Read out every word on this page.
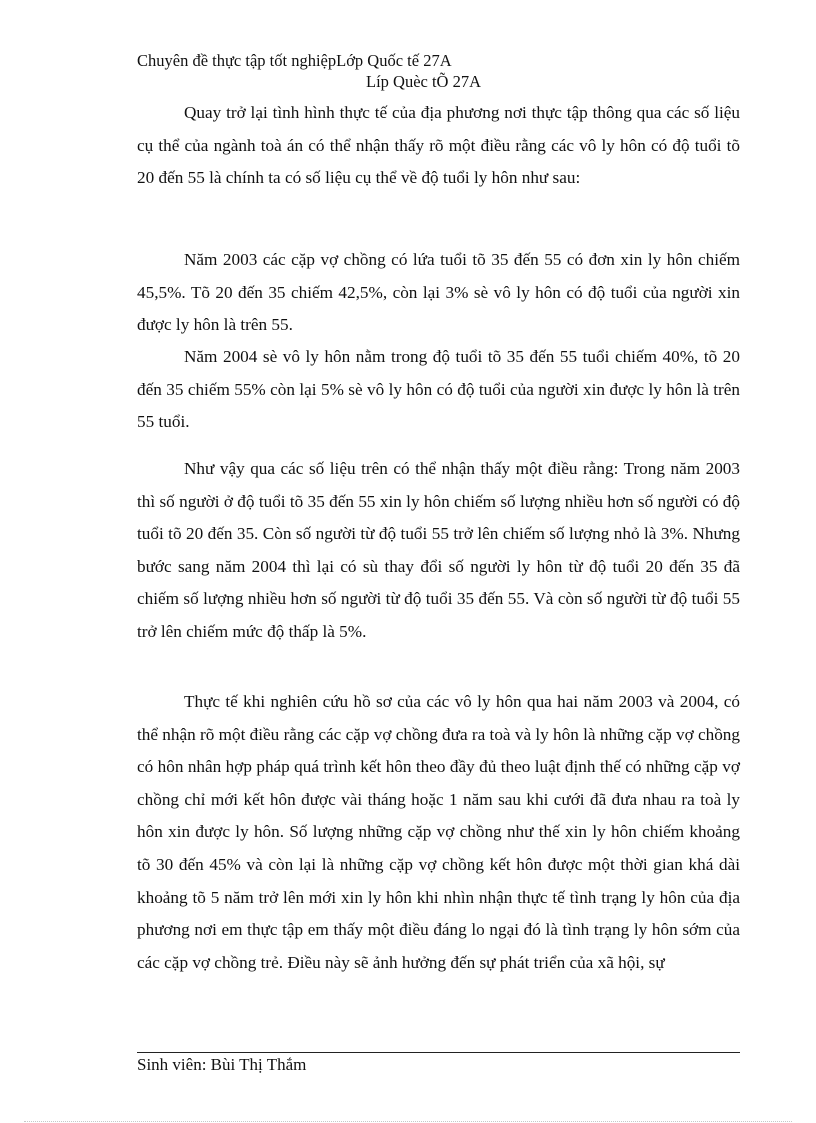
Chuyên đề thực tập tốt nghiệpLớp Quốc tế 27A
Líp Quèc tÕ 27A

Quay trở lại tình hình thực tế của địa phương nơi thực tập thông qua các số liệu cụ thể của ngành toà án có thể nhận thấy rõ một điều rằng các vô ly hôn có độ tuổi tõ 20 đến 55 là chính ta có số liệu cụ thể về độ tuổi ly hôn như sau:

Năm 2003 các cặp vợ chồng có lứa tuổi tõ 35 đến 55 có đơn xin ly hôn chiếm 45,5%. Tõ 20 đến 35 chiếm 42,5%, còn lại 3% sè vô ly hôn có độ tuổi của người xin được ly hôn là trên 55.

Năm 2004 sè vô ly hôn nằm trong độ tuổi tõ 35 đến 55 tuổi chiếm 40%, tõ 20 đến 35 chiếm 55% còn lại 5% sè vô ly hôn có độ tuổi của người xin được ly hôn là trên 55 tuổi.

Như vậy qua các số liệu trên có thể nhận thấy một điều rằng: Trong năm 2003 thì số người ở độ tuổi tõ 35 đến 55 xin ly hôn chiếm số lượng nhiều hơn số người có độ tuổi tõ 20 đến 35. Còn số người từ độ tuổi 55 trở lên chiếm số lượng nhỏ là 3%. Nhưng bước sang năm 2004 thì lại có sù thay đổi số người ly hôn từ độ tuổi 20 đến 35 đã chiếm số lượng nhiều hơn số người từ độ tuổi 35 đến 55. Và còn số người từ độ tuổi 55 trở lên chiếm mức độ thấp là 5%.

Thực tế khi nghiên cứu hồ sơ của các vô ly hôn qua hai năm 2003 và 2004, có thể nhận rõ một điều rằng các cặp vợ chồng đưa ra toà và ly hôn là những cặp vợ chồng có hôn nhân hợp pháp quá trình kết hôn theo đầy đủ theo luật định thế có những cặp vợ chồng chỉ mới kết hôn được vài tháng hoặc 1 năm sau khi cưới đã đưa nhau ra toà ly hôn xin được ly hôn. Số lượng những cặp vợ chồng như thế xin ly hôn chiếm khoảng tõ 30 đến 45% và còn lại là những cặp vợ chồng kết hôn được một thời gian khá dài khoảng tõ 5 năm trở lên mới xin ly hôn khi nhìn nhận thực tế tình trạng ly hôn của địa phương nơi em thực tập em thấy một điều đáng lo ngại đó là tình trạng ly hôn sớm của các cặp vợ chồng trẻ. Điều này sẽ ảnh hưởng đến sự phát triển của xã hội, sự

Sinh viên: Bùi Thị Thắm
